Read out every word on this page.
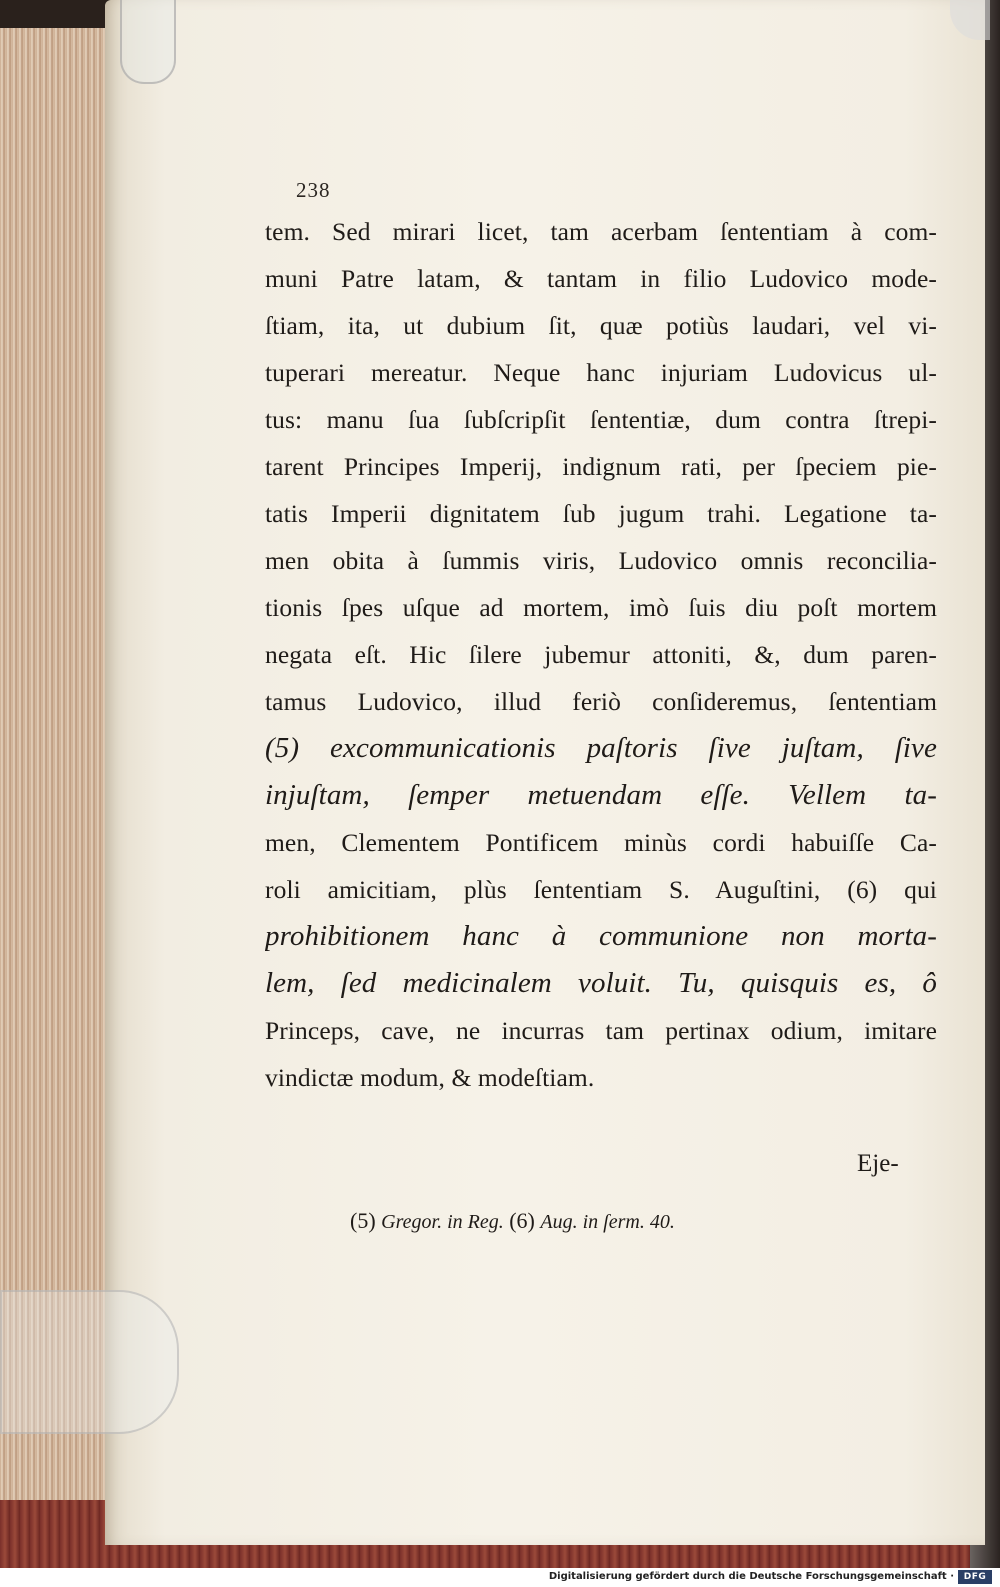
238
tem. Sed mirari licet, tam acerbam ſententiam à com-
muni Patre latam, & tantam in filio Ludovico mode-
ſtiam, ita, ut dubium ſit, quæ potiùs laudari, vel vi-
tuperari mereatur. Neque hanc injuriam Ludovicus ul-
tus: manu ſua ſubſcripſit ſententiæ, dum contra ſtrepi-
tarent Principes Imperij, indignum rati, per ſpeciem pie-
tatis Imperii dignitatem ſub jugum trahi. Legatione ta-
men obita à ſummis viris, Ludovico omnis reconcilia-
tionis ſpes uſque ad mortem, imò ſuis diu poſt mortem
negata eſt. Hic ſilere jubemur attoniti, &, dum paren-
tamus Ludovico, illud feriò conſideremus, ſententiam
(5) excommunicationis paſtoris ſive juſtam, ſive
injuſtam, ſemper metuendam eſſe. Vellem ta-
men, Clementem Pontificem minùs cordi habuiſſe Ca-
roli amicitiam, plùs ſententiam S. Auguſtini, (6) qui
prohibitionem hanc à communione non morta-
lem, ſed medicinalem voluit. Tu, quisquis es, ô
Princeps, cave, ne incurras tam pertinax odium, imitare
vindictæ modum, & modeſtiam.
Eje-
(5) Gregor. in Reg. (6) Aug. in ſerm. 40.
Digitalisierung gefördert durch die Deutsche Forschungsgemeinschaft ·	DFG
